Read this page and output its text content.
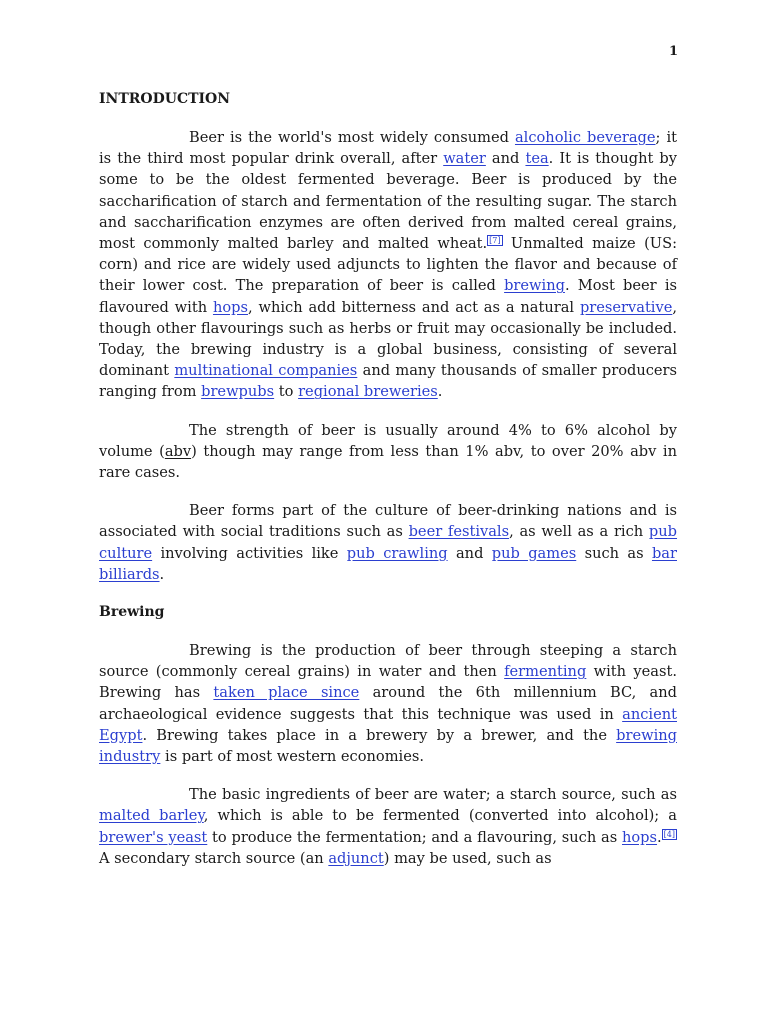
1
INTRODUCTION

Beer is the world's most widely consumed alcoholic beverage; it is the third most popular drink overall, after water and tea. It is thought by some to be the oldest fermented beverage. Beer is produced by the saccharification of starch and fermentation of the resulting sugar. The starch and saccharification enzymes are often derived from malted cereal grains, most commonly malted barley and malted wheat. [7] Unmalted maize (US: corn) and rice are widely used adjuncts to lighten the flavor and because of their lower cost. The preparation of beer is called brewing. Most beer is flavoured with hops, which add bitterness and act as a natural preservative, though other flavourings such as herbs or fruit may occasionally be included. Today, the brewing industry is a global business, consisting of several dominant multinational companies and many thousands of smaller producers ranging from brewpubs to regional breweries.

The strength of beer is usually around 4% to 6% alcohol by volume (abv) though may range from less than 1% abv, to over 20% abv in rare cases.

Beer forms part of the culture of beer-drinking nations and is associated with social traditions such as beer festivals, as well as a rich pub culture involving activities like pub crawling and pub games such as bar billiards.

Brewing

Brewing is the production of beer through steeping a starch source (commonly cereal grains) in water and then fermenting with yeast. Brewing has taken place since around the 6th millennium BC, and archaeological evidence suggests that this technique was used in ancient Egypt. Brewing takes place in a brewery by a brewer, and the brewing industry is part of most western economies.

The basic ingredients of beer are water; a starch source, such as malted barley, which is able to be fermented (converted into alcohol); a brewer's yeast to produce the fermentation; and a flavouring, such as hops. [4] A secondary starch source (an adjunct) may be used, such as
